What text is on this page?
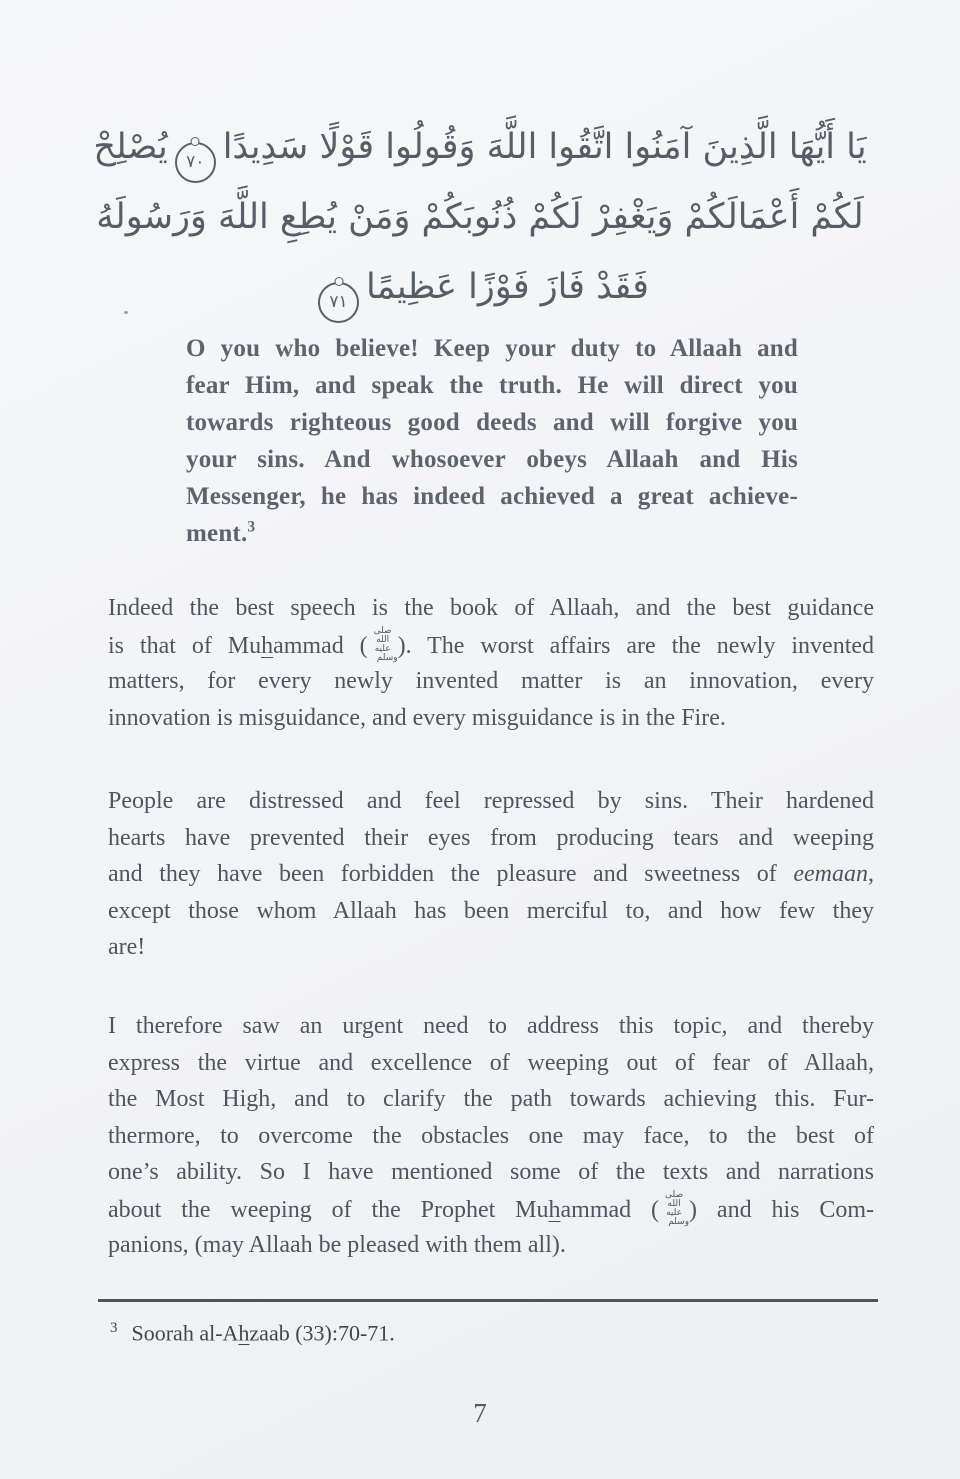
يَا أَيُّهَا الَّذِينَ آمَنُوا اتَّقُوا اللَّهَ وَقُولُوا قَوْلًا سَدِيدًا٧٠يُصْلِحْ
لَكُمْ أَعْمَالَكُمْ وَيَغْفِرْ لَكُمْ ذُنُوبَكُمْ وَمَنْ يُطِعِ اللَّهَ وَرَسُولَهُ
فَقَدْ فَازَ فَوْزًا عَظِيمًا٧١
O you who believe! Keep your duty to Allaah and
fear Him, and speak the truth. He will direct you
towards righteous good deeds and will forgive you
your sins. And whosoever obeys Allaah and His
Messenger, he has indeed achieved a great achieve-
ment.$^3$
Indeed the best speech is the book of Allaah, and the best guidance
is that of Muhammad (صلى الله عليه وسلم). The worst affairs are the newly invented
matters, for every newly invented matter is an innovation, every
innovation is misguidance, and every misguidance is in the Fire.
People are distressed and feel repressed by sins. Their hardened
hearts have prevented their eyes from producing tears and weeping
and they have been forbidden the pleasure and sweetness of eemaan,
except those whom Allaah has been merciful to, and how few they
are!
I therefore saw an urgent need to address this topic, and thereby
express the virtue and excellence of weeping out of fear of Allaah,
the Most High, and to clarify the path towards achieving this. Fur-
thermore, to overcome the obstacles one may face, to the best of
one’s ability. So I have mentioned some of the texts and narrations
about the weeping of the Prophet Muhammad (صلى الله عليه وسلم) and his Com-
panions, (may Allaah be pleased with them all).
$^3$ Soorah al-Ahzaab (33):70-71.
7
